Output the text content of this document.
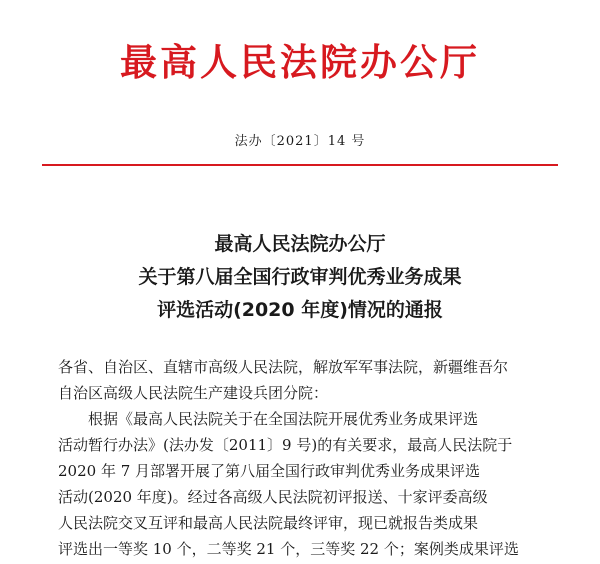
最高人民法院办公厅
法办〔2021〕14 号
最高人民法院办公厅
关于第八届全国行政审判优秀业务成果
评选活动(2020 年度)情况的通报
各省、自治区、直辖市高级人民法院，解放军军事法院，新疆维吾尔
自治区高级人民法院生产建设兵团分院：
根据《最高人民法院关于在全国法院开展优秀业务成果评选
活动暂行办法》(法办发〔2011〕9 号)的有关要求，最高人民法院于
2020 年 7 月部署开展了第八届全国行政审判优秀业务成果评选
活动(2020 年度)。经过各高级人民法院初评报送、十家评委高级
人民法院交叉互评和最高人民法院最终评审，现已就报告类成果
评选出一等奖 10 个，二等奖 21 个，三等奖 22 个；案例类成果评选
